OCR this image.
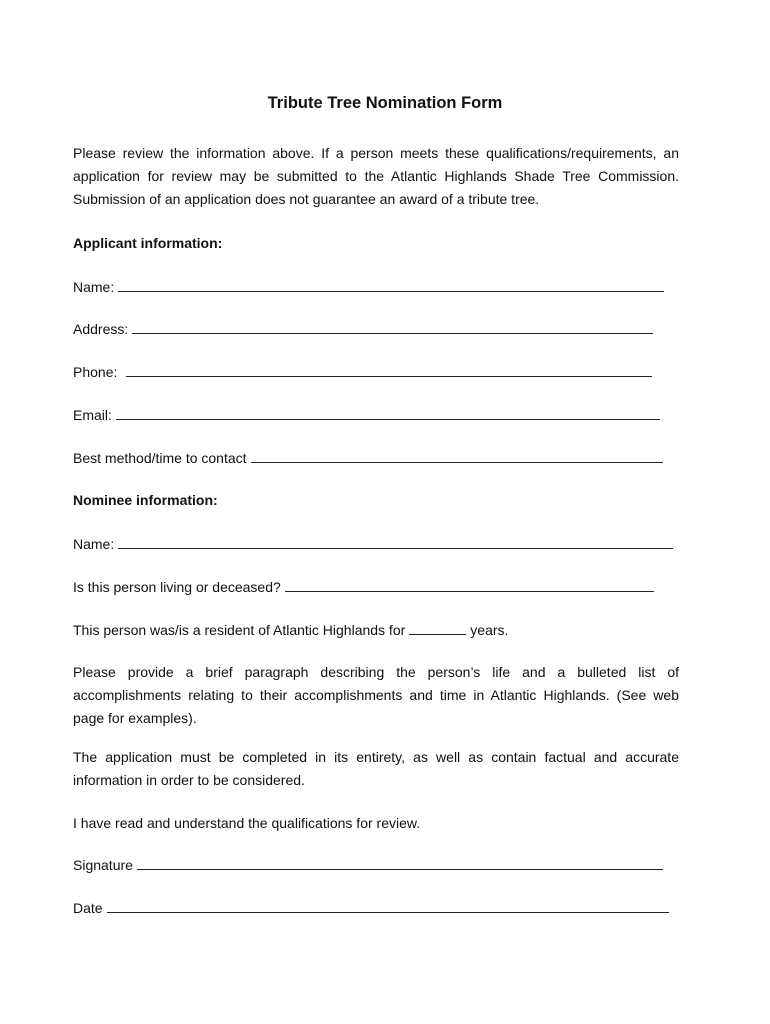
Tribute Tree Nomination Form

Please review the information above. If a person meets these qualifications/requirements, an application for review may be submitted to the Atlantic Highlands Shade Tree Commission. Submission of an application does not guarantee an award of a tribute tree.

Applicant information:
Name:
Address:
Phone:
Email:
Best method/time to contact
Nominee information:
Name:
Is this person living or deceased?
This person was/is a resident of Atlantic Highlands for	years.

Please provide a brief paragraph describing the person’s life and a bulleted list of accomplishments relating to their accomplishments and time in Atlantic Highlands. (See web page for examples).

The application must be completed in its entirety, as well as contain factual and accurate information in order to be considered.

I have read and understand the qualifications for review.
Signature
Date
